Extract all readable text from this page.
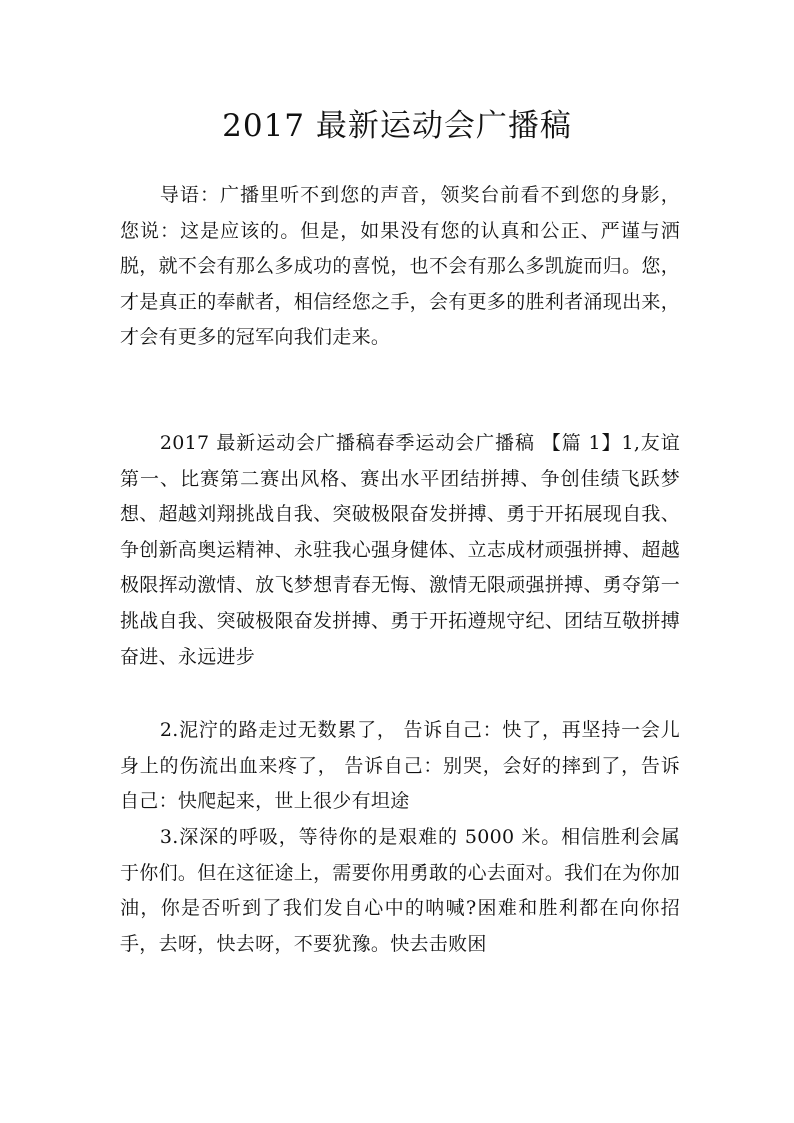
2017 最新运动会广播稿

导语：广播里听不到您的声音，领奖台前看不到您的身影，您说：这是应该的。但是，如果没有您的认真和公正、严谨与洒脱，就不会有那么多成功的喜悦，也不会有那么多凯旋而归。您，才是真正的奉献者，相信经您之手，会有更多的胜利者涌现出来，才会有更多的冠军向我们走来。

2017 最新运动会广播稿春季运动会广播稿 【篇 1】1,友谊第一、比赛第二赛出风格、赛出水平团结拼搏、争创佳绩飞跃梦想、超越刘翔挑战自我、突破极限奋发拼搏、勇于开拓展现自我、争创新高奥运精神、永驻我心强身健体、立志成材顽强拼搏、超越极限挥动激情、放飞梦想青春无悔、激情无限顽强拼搏、勇夺第一挑战自我、突破极限奋发拼搏、勇于开拓遵规守纪、团结互敬拼搏奋进、永远进步

2.泥泞的路走过无数累了， 告诉自己：快了，再坚持一会儿身上的伤流出血来疼了， 告诉自己：别哭，会好的摔到了，告诉自己：快爬起来，世上很少有坦途

3.深深的呼吸，等待你的是艰难的 5000 米。相信胜利会属于你们。但在这征途上，需要你用勇敢的心去面对。我们在为你加油，你是否听到了我们发自心中的呐喊?困难和胜利都在向你招手，去呀，快去呀，不要犹豫。快去击败困
